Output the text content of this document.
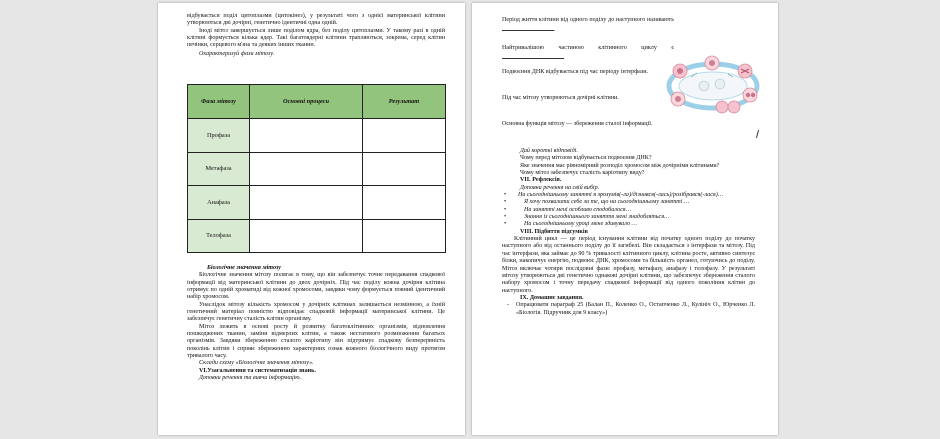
відбувається поділ цитоплазми (цитокінез), у результаті чого з однієї материнської клітини утворюються дві дочірні, генетично ідентичні одна одній.

Іноді мітоз завершується лише поділом ядра, без поділу цитоплазми. У такому разі в одній клітині формується кілька ядер. Такі багатоядерні клітини трапляються, зокрема, серед клітин печінки, серцевого м'яза та деяких інших тканин.

Охарактеризуй фази мітозу.

Фаза мітозу	Основні процеси	Результат
Профаза		
Метафаза		
Анафаза		
Телофаза		

Біологічне значення мітозу

Біологічне значення мітозу полягає в тому, що він забезпечує точне передавання спадкової інформації від материнської клітини до двох дочірніх. Під час поділу кожна дочірня клітина отримує по одній хроматиді від кожної хромосоми, завдяки чому формується повний ідентичний набір хромосом.

Унаслідок мітозу кількість хромосом у дочірніх клітинах залишається незмінною, а їхній генетичний матеріал повністю відповідає спадковій інформації материнської клітини. Це забезпечує генетичну сталість клітин організму.

Мітоз лежить в основі росту й розвитку багатоклітинних організмів, відновлення пошкоджених тканин, заміни відмерлих клітин, а також нестатевого розмноження багатьох організмів. Завдяки збереженню сталого каріотипу він підтримує спадкову безперервність поколінь клітин і сприяє збереженню характерних ознак кожного біологічного виду протягом тривалого часу.

Склади схему «Біологічне значення мітозу».

VI.Узагальнення та систематизація знань.

Доповни речення та вивчи інформацію.

Період життя клітини від одного поділу до наступного називають .
Найтривалішою частиною клітинного циклу є
Подвоєння ДНК відбувається під час періоду інтерфази.
Під час мітозу утворюються дочірні клітини.
Основна функція мітозу — збереження сталої інформації.

Дай короткі відповіді.

Чому перед мітозом відбувається подвоєння ДНК?

Яке значення має рівномірний розподіл хромосом між дочірніми клітинами?

Чому мітоз забезпечує сталість каріотипу виду?

VII. Рефлексія.

Доповни речення на свій вибір.

• На сьогоднішньому занятті я зрозумів(-ла)/дізнався(-лась)/розібрався(-лася)…
• Я хочу похвалити себе за те, що на сьогоднішньому занятті …
• На занятті мені особливо сподобалося…
• Знання із сьогоднішнього заняття мені знадобляться…
• На сьогоднішньому уроці мене здивувало …

VIII. Підбиття підсумків

Клітинний цикл — це період існування клітини від початку одного поділу до початку наступного або від останнього поділу до її загибелі. Він складається з інтерфази та мітозу. Під час інтерфази, яка займає до 90 % тривалості клітинного циклу, клітина росте, активно синтезує білки, накопичує енергію, подвоює ДНК, хромосоми та більшість органел, готуючись до поділу. Мітоз включає чотири послідовні фази: профазу, метафазу, анафазу і телофазу. У результаті мітозу утворюються дві генетично однакові дочірні клітини, що забезпечує збереження сталого набору хромосом і точну передачу спадкової інформації від одного покоління клітин до наступного.

IX. Домашнє завдання.

- Опрацювати параграф 25 (Балан П., Коленко О., Остапченко Л., Кулініч О., Юрченко Л. «Біологія. Підручник для 9 класу»)
